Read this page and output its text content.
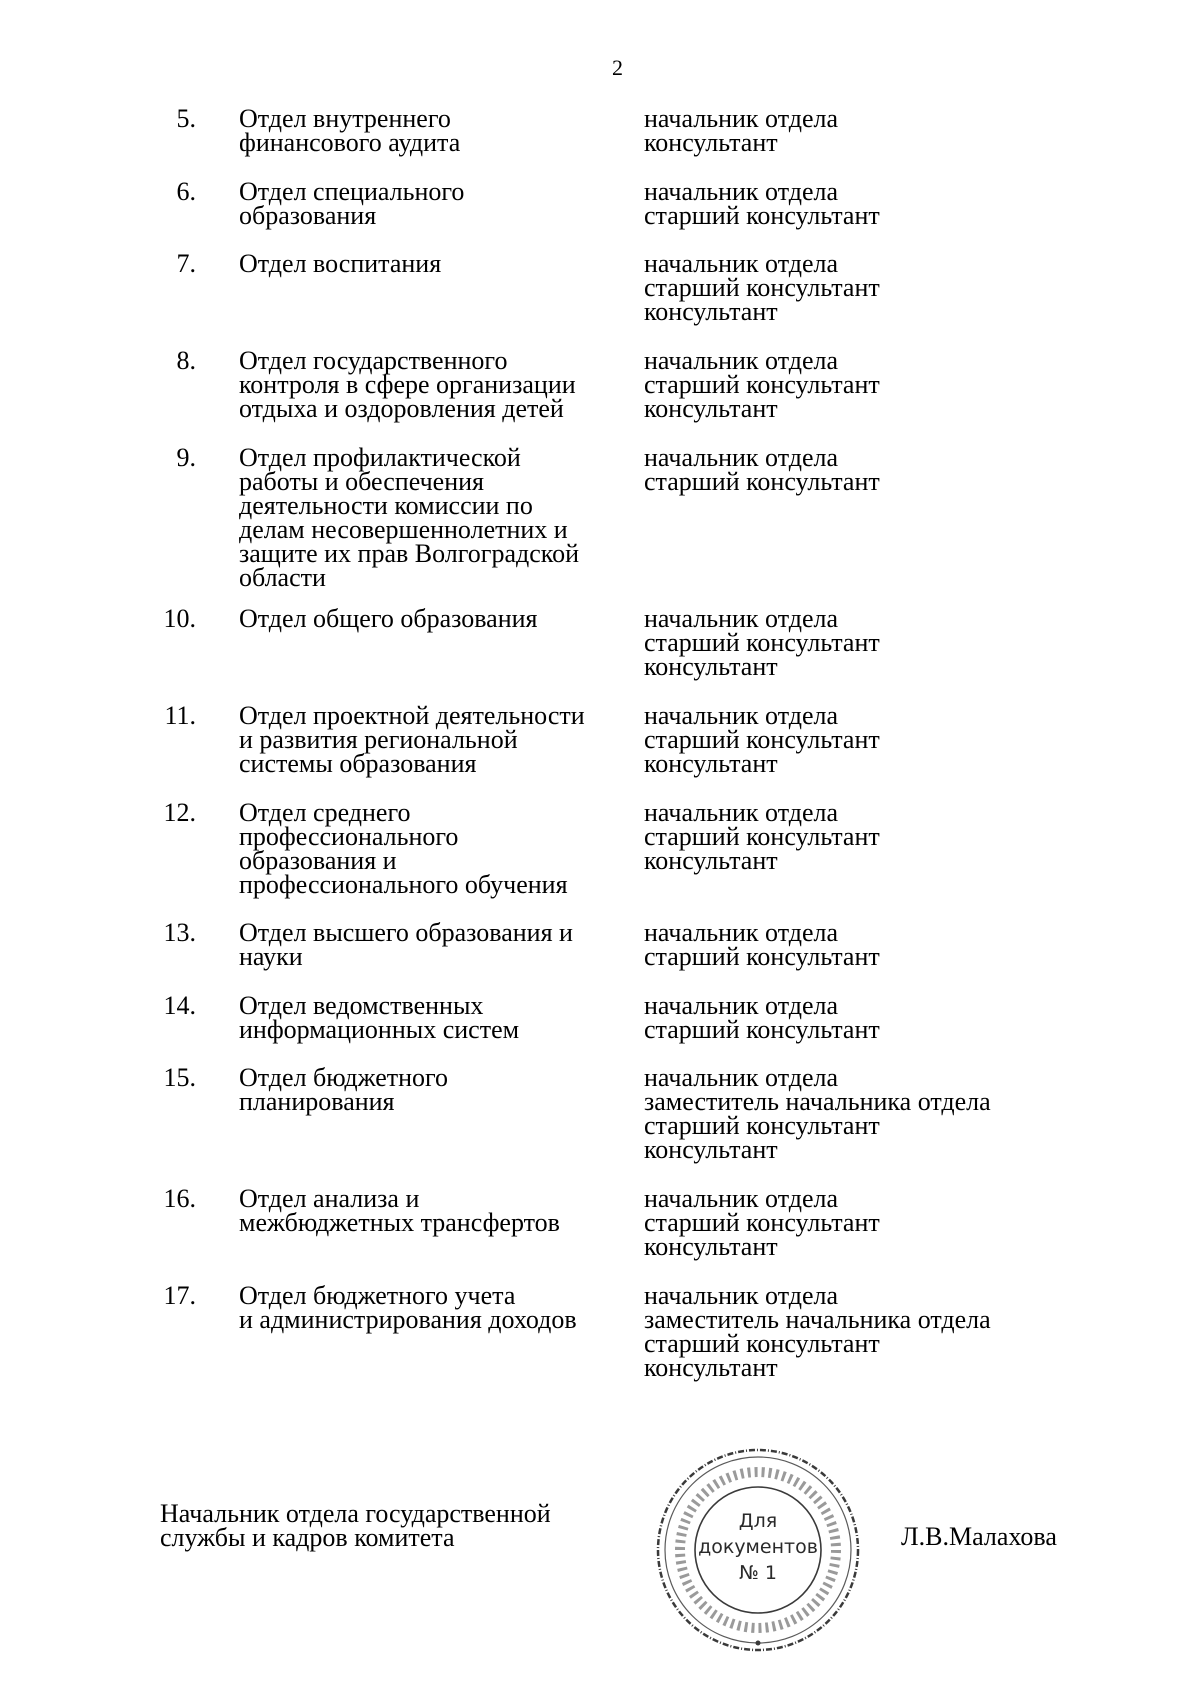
2
5. Отдел внутреннего
финансового аудита
начальник отдела
консультант
6. Отдел специального
образования
начальник отдела
старший консультант
7. Отдел воспитания	начальник отдела
старший консультант
консультант
8. Отдел государственного
контроля в сфере организации
отдыха и оздоровления детей
начальник отдела
старший консультант
консультант
9. Отдел профилактической
работы и обеспечения
деятельности комиссии по
делам несовершеннолетних и
защите их прав Волгоградской
области
начальник отдела
старший консультант
10. Отдел общего образования	начальник отдела
старший консультант
консультант
11. Отдел проектной деятельности
и развития региональной
системы образования
начальник отдела
старший консультант
консультант
12. Отдел среднего
профессионального
образования и
профессионального обучения
начальник отдела
старший консультант
консультант
13. Отдел высшего образования и
науки
начальник отдела
старший консультант
14. Отдел ведомственных
информационных систем
начальник отдела
старший консультант
15. Отдел бюджетного
планирования
начальник отдела
заместитель начальника отдела
старший консультант
консультант
16. Отдел анализа и
межбюджетных трансфертов
начальник отдела
старший консультант
консультант
17. Отдел бюджетного учета
и администрирования доходов
начальник отдела
заместитель начальника отдела
старший консультант
консультант
Начальник отдела государственной
службы и кадров комитета
Для
документов
№ 1
Л.В.Малахова
